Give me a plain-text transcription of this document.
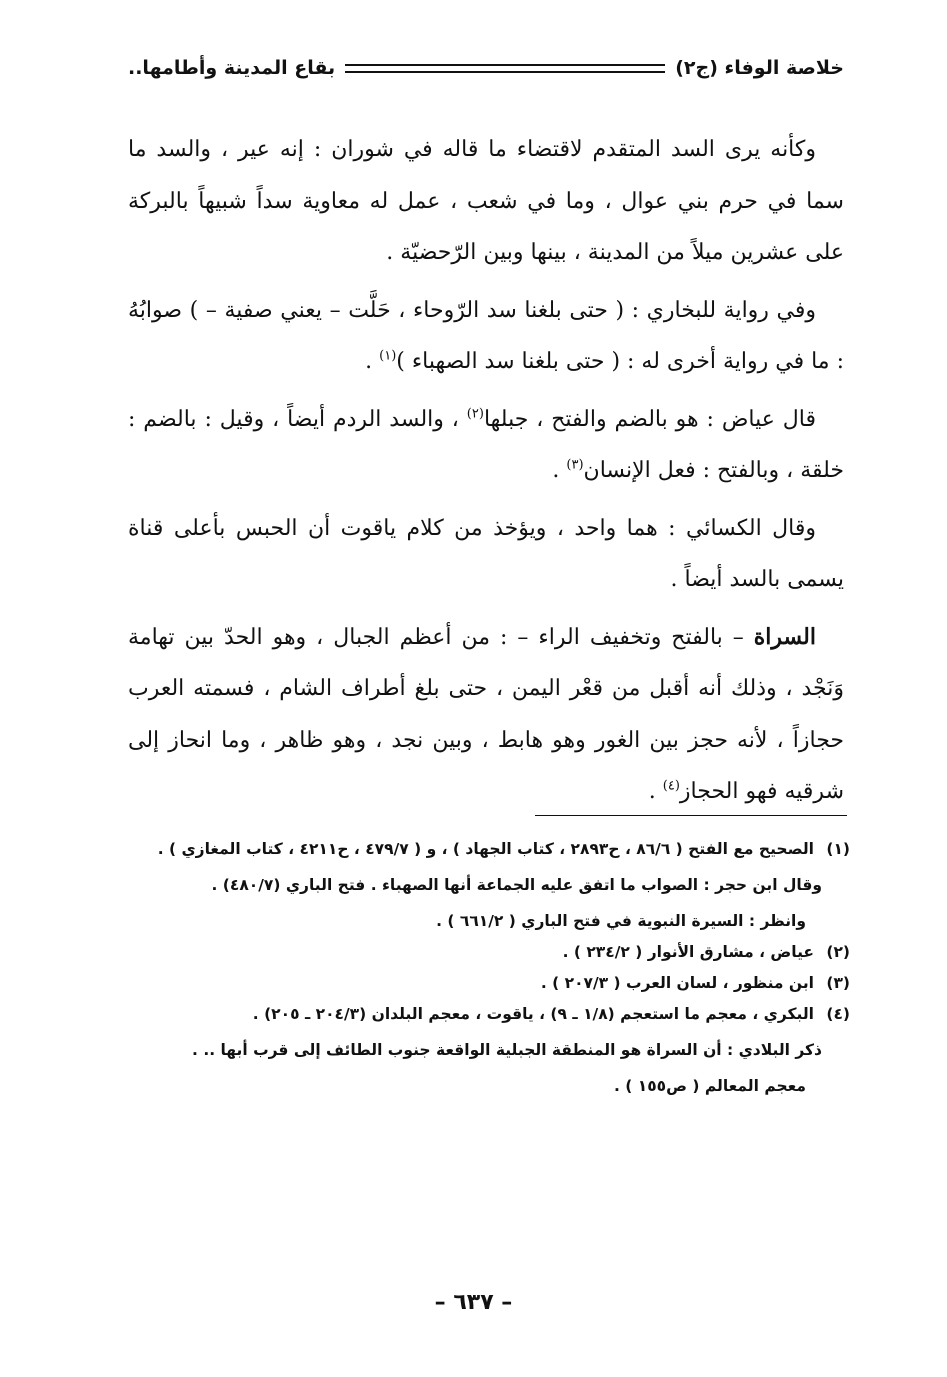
خلاصة الوفاء (ج٢)
بقاع المدينة وأطامها..

وكأنه يرى السد المتقدم لاقتضاء ما قاله في شوران : إنه عير ، والسد ما سما في حرم بني عوال ، وما في شعب ، عمل له معاوية سداً شبيهاً بالبركة على عشرين ميلاً من المدينة ، بينها وبين الرّحضيّة .

وفي رواية للبخاري : ( حتى بلغنا سد الرّوحاء ، حَلَّت – يعني صفية – ) صوابُهُ : ما في رواية أخرى له : ( حتى بلغنا سد الصهباء )$^{(١)}$ .

قال عياض : هو بالضم والفتح ، جبلها$^{(٢)}$ ، والسد الردم أيضاً ، وقيل : بالضم : خلقة ، وبالفتح : فعل الإنسان$^{(٣)}$ .

وقال الكسائي : هما واحد ، ويؤخذ من كلام ياقوت أن الحبس بأعلى قناة يسمى بالسد أيضاً .

السراة – بالفتح وتخفيف الراء – : من أعظم الجبال ، وهو الحدّ بين تهامة وَنَجْد ، وذلك أنه أقبل من قعْر اليمن ، حتى بلغ أطراف الشام ، فسمته العرب حجازاً ، لأنه حجز بين الغور وهو هابط ، وبين نجد ، وهو ظاهر ، وما انحاز إلى شرقيه فهو الحجاز$^{(٤)}$ .

(١)
الصحيح مع الفتح ( ٨٦/٦ ، ح٢٨٩٣ ، كتاب الجهاد ) ، و ( ٤٧٩/٧ ، ح٤٢١١ ، كتاب المغازي ) .
وقال ابن حجر : الصواب ما اتفق عليه الجماعة أنها الصهباء . فتح الباري (٤٨٠/٧) .
وانظر : السيرة النبوية في فتح الباري ( ٦٦١/٢ ) .
(٢)
عياض ، مشارق الأنوار ( ٢٣٤/٢ ) .
(٣)
ابن منظور ، لسان العرب ( ٢٠٧/٣ ) .
(٤)
البكري ، معجم ما استعجم (١/٨ ـ ٩) ، ياقوت ، معجم البلدان (٢٠٤/٣ ـ ٢٠٥) .
ذكر البلادي : أن السراة هو المنطقة الجبلية الواقعة جنوب الطائف إلى قرب أبها .. .
معجم المعالم ( ص١٥٥ ) .
– ٦٣٧ –
